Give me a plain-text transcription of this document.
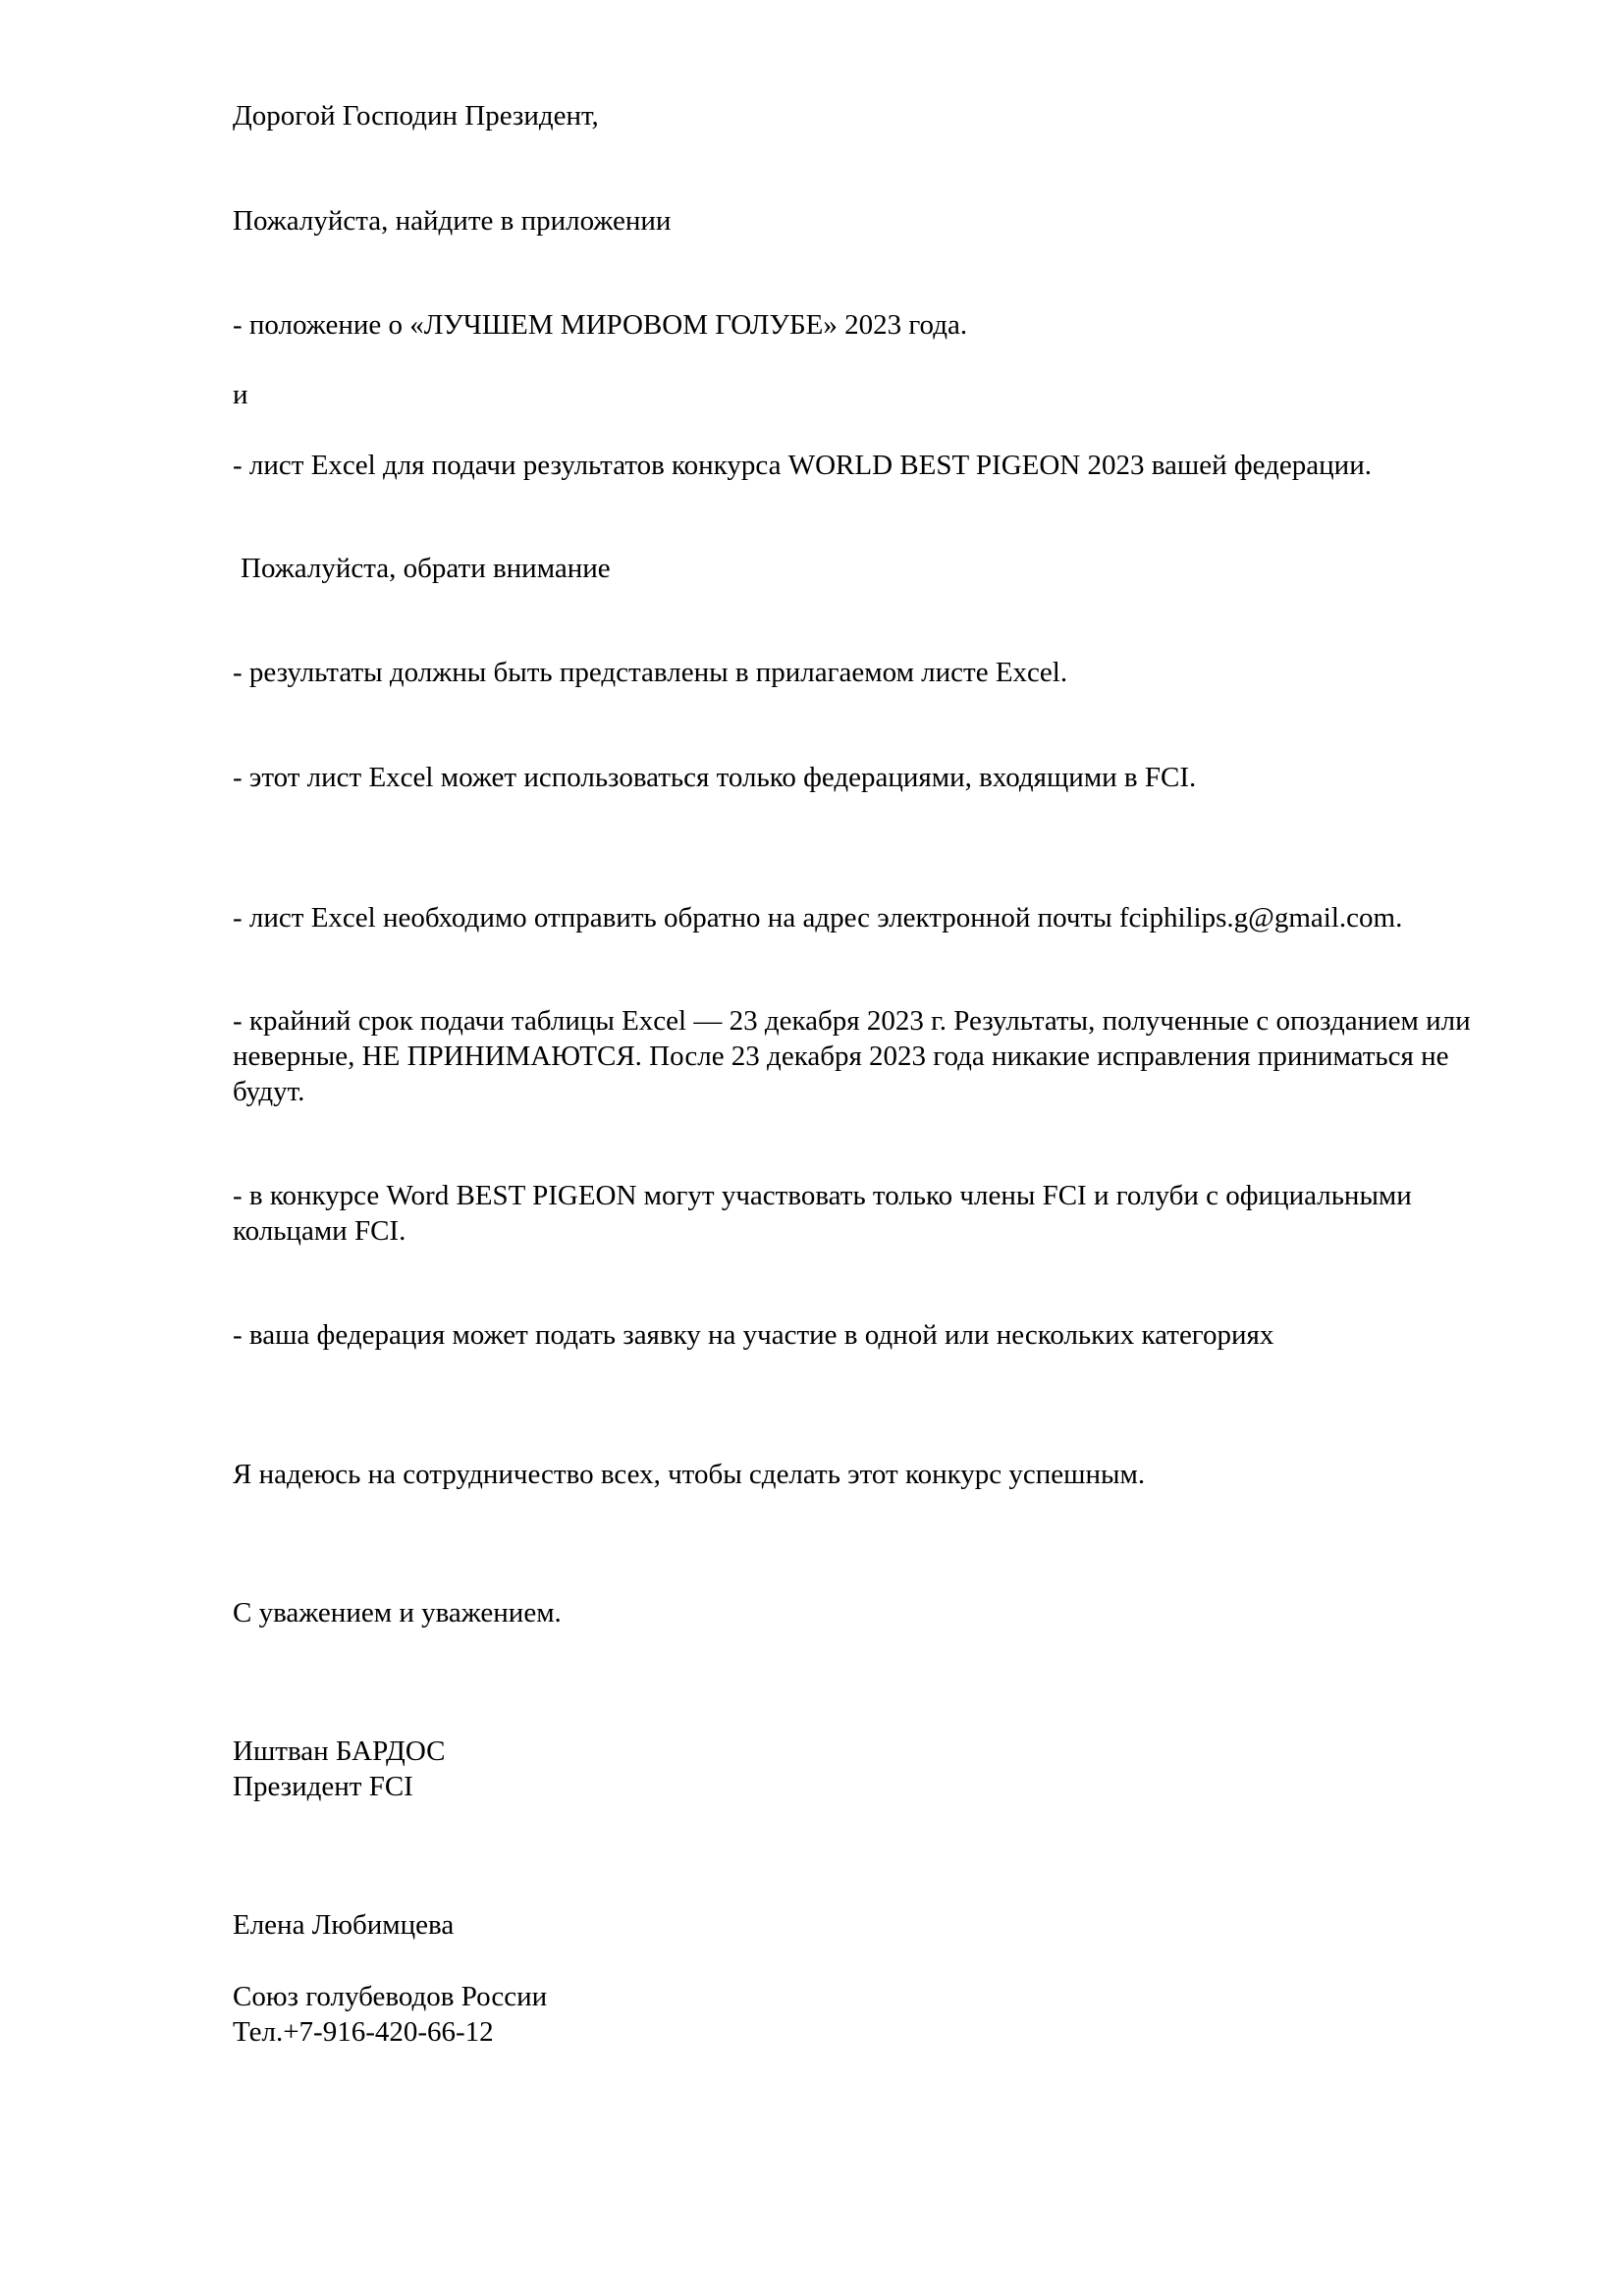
Дорогой Господин Президент,

Пожалуйста, найдите в приложении

- положение о «ЛУЧШЕМ МИРОВОМ ГОЛУБЕ» 2023 года.

и

- лист Excel для подачи результатов конкурса WORLD BEST PIGEON 2023 вашей федерации.

Пожалуйста, обрати внимание

- результаты должны быть представлены в прилагаемом листе Excel.

- этот лист Excel может использоваться только федерациями, входящими в FCI.

- лист Excel необходимо отправить обратно на адрес электронной почты fciphilips.g@gmail.com.

- крайний срок подачи таблицы Excel — 23 декабря 2023 г. Результаты, полученные с опозданием или неверные, НЕ ПРИНИМАЮТСЯ. После 23 декабря 2023 года никакие исправления приниматься не будут.

- в конкурсе Word BEST PIGEON могут участвовать только члены FCI и голуби с официальными кольцами FCI.

- ваша федерация может подать заявку на участие в одной или нескольких категориях

Я надеюсь на сотрудничество всех, чтобы сделать этот конкурс успешным.

С уважением и уважением.

Иштван БАРДОС

Президент FCI

Елена Любимцева

Союз голубеводов России

Тел.+7-916-420-66-12
